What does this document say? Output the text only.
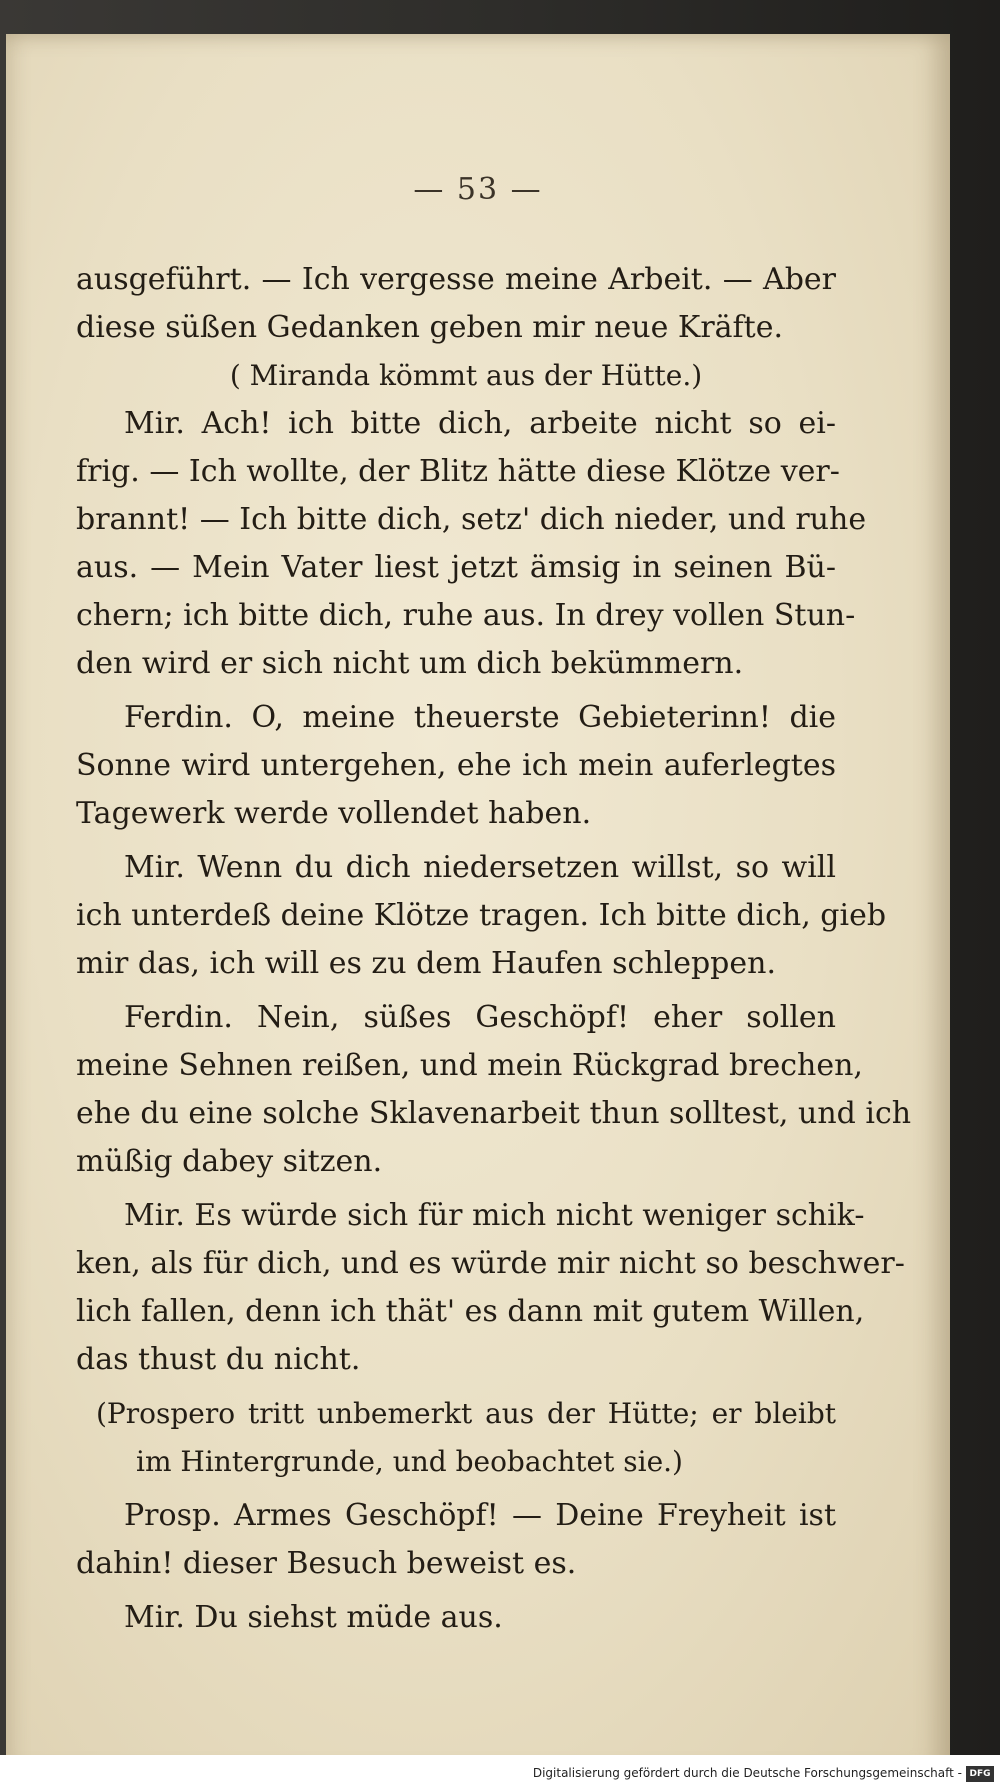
— 53 —
ausgeführt. — Ich vergesse meine Arbeit. — Aber
diese süßen Gedanken geben mir neue Kräfte.
( Miranda kömmt aus der Hütte.)
Mir. Ach! ich bitte dich, arbeite nicht so ei-
frig. — Ich wollte, der Blitz hätte diese Klötze ver-
brannt! — Ich bitte dich, setz' dich nieder, und ruhe
aus. — Mein Vater liest jetzt ämsig in seinen Bü-
chern; ich bitte dich, ruhe aus. In drey vollen Stun-
den wird er sich nicht um dich bekümmern.
Ferdin. O, meine theuerste Gebieterinn! die
Sonne wird untergehen, ehe ich mein auferlegtes
Tagewerk werde vollendet haben.
Mir. Wenn du dich niedersetzen willst, so will
ich unterdeß deine Klötze tragen. Ich bitte dich, gieb
mir das, ich will es zu dem Haufen schleppen.
Ferdin. Nein, süßes Geschöpf! eher sollen
meine Sehnen reißen, und mein Rückgrad brechen,
ehe du eine solche Sklavenarbeit thun solltest, und ich
müßig dabey sitzen.
Mir. Es würde sich für mich nicht weniger schik-
ken, als für dich, und es würde mir nicht so beschwer-
lich fallen, denn ich thät' es dann mit gutem Willen,
das thust du nicht.
(Prospero tritt unbemerkt aus der Hütte; er bleibt
im Hintergrunde, und beobachtet sie.)
Prosp. Armes Geschöpf! — Deine Freyheit ist
dahin! dieser Besuch beweist es.
Mir. Du siehst müde aus.
Digitalisierung gefördert durch die Deutsche Forschungsgemeinschaft - DFG
